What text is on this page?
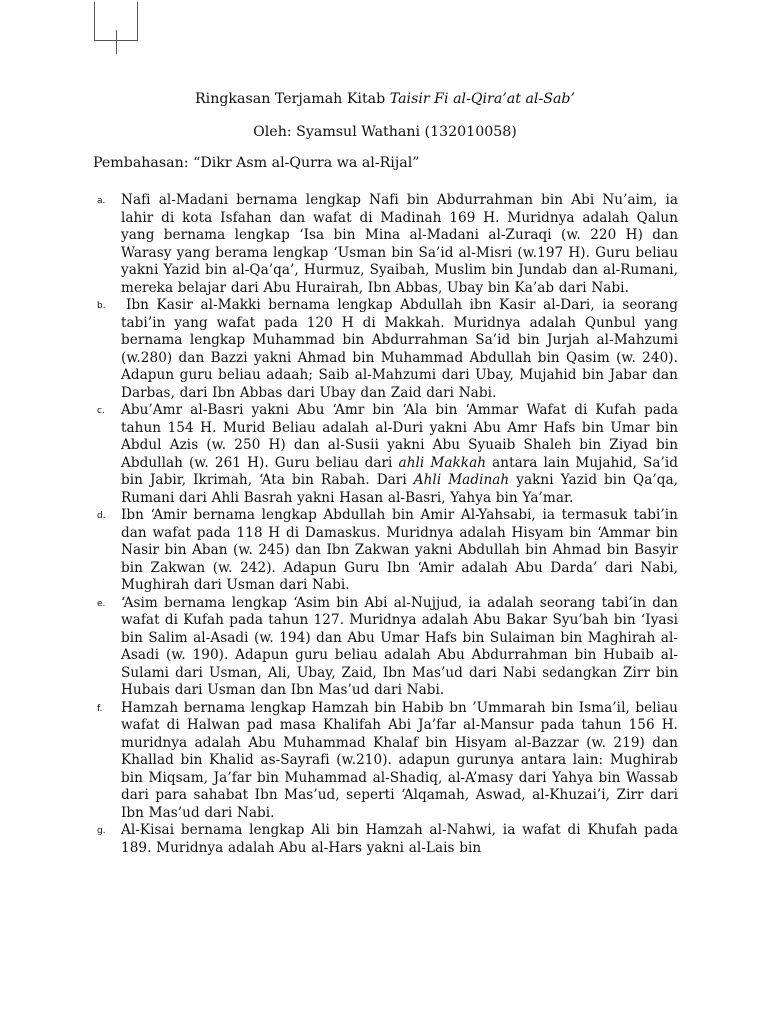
Ringkasan Terjamah Kitab Taisir Fi al-Qira’at al-Sab’
Oleh: Syamsul Wathani (132010058)
Pembahasan: “Dikr Asm al-Qurra wa al-Rijal”
a. Nafi al-Madani bernama lengkap Nafi bin Abdurrahman bin Abi Nu’aim, ia lahir di kota Isfahan dan wafat di Madinah 169 H. Muridnya adalah Qalun yang bernama lengkap ‘Isa bin Mina al-Madani al-Zuraqi (w. 220 H) dan Warasy yang berama lengkap ‘Usman bin Sa’id al-Misri (w.197 H). Guru beliau yakni Yazid bin al-Qa’qa’, Hurmuz, Syaibah, Muslim bin Jundab dan al-Rumani, mereka belajar dari Abu Hurairah, Ibn Abbas, Ubay bin Ka’ab dari Nabi.
b.	Ibn Kasir al-Makki bernama lengkap Abdullah ibn Kasir al-Dari, ia seorang tabi’in yang wafat pada 120 H di Makkah. Muridnya adalah Qunbul yang bernama lengkap Muhammad bin Abdurrahman Sa’id bin Jurjah al-Mahzumi (w.280) dan Bazzi yakni Ahmad bin Muhammad Abdullah bin Qasim (w. 240). Adapun guru beliau adaah; Saib al-Mahzumi dari Ubay, Mujahid bin Jabar dan Darbas, dari Ibn Abbas dari Ubay dan Zaid dari Nabi.
c. Abu’Amr al-Basri yakni Abu ‘Amr bin ‘Ala bin ‘Ammar Wafat di Kufah pada tahun 154 H. Murid Beliau adalah al-Duri yakni Abu Amr Hafs bin Umar bin Abdul Azis (w. 250 H) dan al-Susii yakni Abu Syuaib Shaleh bin Ziyad bin Abdullah (w. 261 H). Guru beliau dari ahli Makkah antara lain Mujahid, Sa’id bin Jabir, Ikrimah, ‘Ata bin Rabah. Dari Ahli Madinah yakni Yazid bin Qa’qa, Rumani dari Ahli Basrah yakni Hasan al-Basri, Yahya bin Ya’mar.
d. Ibn ‘Amir bernama lengkap Abdullah bin Amir Al-Yahsabi, ia termasuk tabi’in dan wafat pada 118 H di Damaskus. Muridnya adalah Hisyam bin ‘Ammar bin Nasir bin Aban (w. 245) dan Ibn Zakwan yakni Abdullah bin Ahmad bin Basyir bin Zakwan (w. 242). Adapun Guru Ibn ‘Amir adalah Abu Darda’ dari Nabi, Mughirah dari Usman dari Nabi.
e. ‘Asim bernama lengkap ‘Asim bin Abi al-Nujjud, ia adalah seorang tabi’in dan wafat di Kufah pada tahun 127. Muridnya adalah Abu Bakar Syu’bah bin ‘Iyasi bin Salim al-Asadi (w. 194) dan Abu Umar Hafs bin Sulaiman bin Maghirah al-Asadi (w. 190). Adapun guru beliau adalah Abu Abdurrahman bin Hubaib al-Sulami dari Usman, Ali, Ubay, Zaid, Ibn Mas’ud dari Nabi sedangkan Zirr bin Hubais dari Usman dan Ibn Mas’ud dari Nabi.
f. Hamzah bernama lengkap Hamzah bin Habib bn ’Ummarah bin Isma’il, beliau wafat di Halwan pad masa Khalifah Abi Ja’far al-Mansur pada tahun 156 H. muridnya adalah Abu Muhammad Khalaf bin Hisyam al-Bazzar (w. 219) dan Khallad bin Khalid as-Sayrafi (w.210). adapun gurunya antara lain: Mughirab bin Miqsam, Ja’far bin Muhammad al-Shadiq, al-A’masy dari Yahya bin Wassab dari para sahabat Ibn Mas’ud, seperti ‘Alqamah, Aswad, al-Khuzai’i, Zirr dari Ibn Mas’ud dari Nabi.
g. Al-Kisai bernama lengkap Ali bin Hamzah al-Nahwi, ia wafat di Khufah pada 189. Muridnya adalah Abu al-Hars yakni al-Lais bin
